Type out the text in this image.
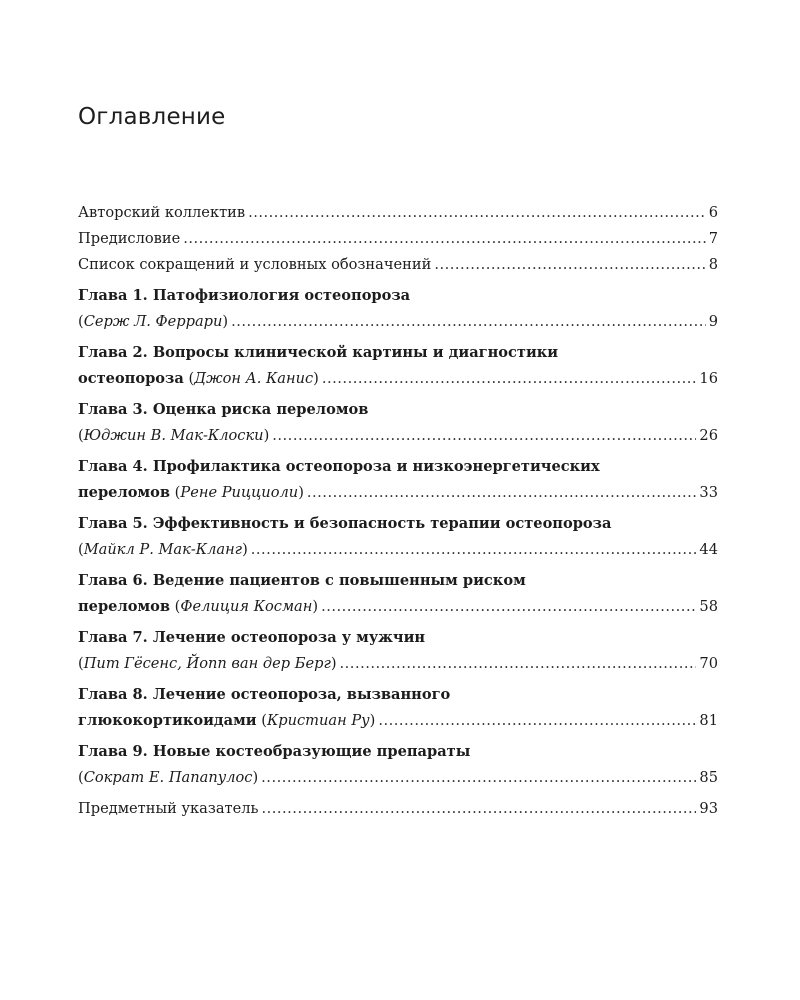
Оглавление
Авторский коллектив .....	6
Предисловие .....	7
Список сокращений и условных обозначений .....	8
Глава 1. Патофизиология остеопороза
(Серж Л. Феррари) .....	9
Глава 2. Вопросы клинической картины и диагностики
остеопороза (Джон А. Канис) .....	16
Глава 3. Оценка риска переломов
(Юджин В. Мак-Клоски) .....	26
Глава 4. Профилактика остеопороза и низкоэнергетических
переломов (Рене Рицциоли) .....	33
Глава 5. Эффективность и безопасность терапии остеопороза
(Майкл Р. Мак-Кланг) .....	44
Глава 6. Ведение пациентов с повышенным риском
переломов (Фелиция Косман) .....	58
Глава 7. Лечение остеопороза у мужчин
(Пит Гёсенс, Йопп ван дер Берг) .....	70
Глава 8. Лечение остеопороза, вызванного
глюкокортикоидами (Кристиан Ру) .....	81
Глава 9. Новые костеобразующие препараты
(Сократ Е. Папапулос) .....	85
Предметный указатель .....	93
